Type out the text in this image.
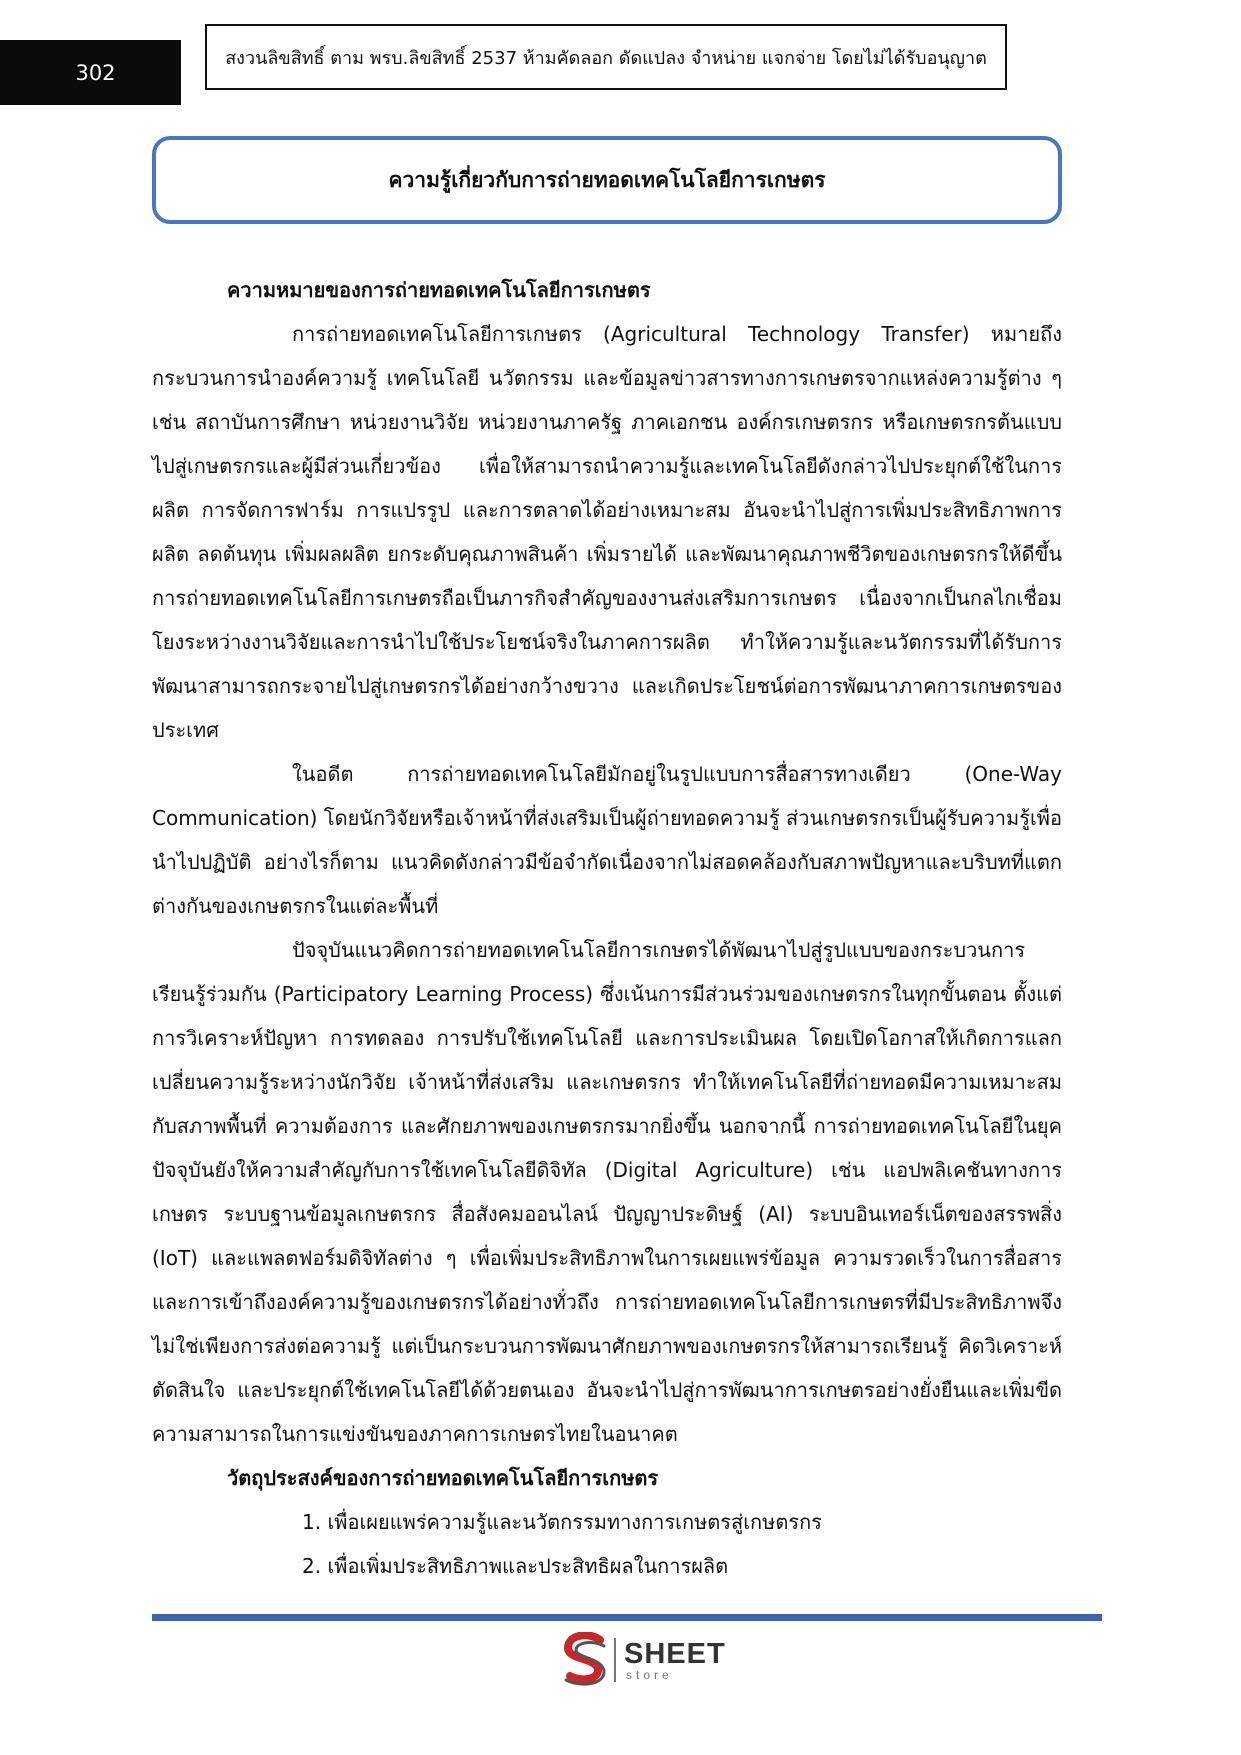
302
สงวนลิขสิทธิ์ ตาม พรบ.ลิขสิทธิ์ 2537 ห้ามคัดลอก ดัดแปลง จำหน่าย แจกจ่าย โดยไม่ได้รับอนุญาต
ความรู้เกี่ยวกับการถ่ายทอดเทคโนโลยีการเกษตร
ความหมายของการถ่ายทอดเทคโนโลยีการเกษตร

การถ่ายทอดเทคโนโลยีการเกษตร (Agricultural Technology Transfer) หมายถึงกระบวนการนำองค์ความรู้ เทคโนโลยี นวัตกรรม และข้อมูลข่าวสารทางการเกษตรจากแหล่งความรู้ต่าง ๆ เช่น สถาบันการศึกษา หน่วยงานวิจัย หน่วยงานภาครัฐ ภาคเอกชน องค์กรเกษตรกร หรือเกษตรกรต้นแบบ ไปสู่เกษตรกรและผู้มีส่วนเกี่ยวข้อง เพื่อให้สามารถนำความรู้และเทคโนโลยีดังกล่าวไปประยุกต์ใช้ในการผลิต การจัดการฟาร์ม การแปรรูป และการตลาดได้อย่างเหมาะสม อันจะนำไปสู่การเพิ่มประสิทธิภาพการผลิต ลดต้นทุน เพิ่มผลผลิต ยกระดับคุณภาพสินค้า เพิ่มรายได้ และพัฒนาคุณภาพชีวิตของเกษตรกรให้ดีขึ้น การถ่ายทอดเทคโนโลยีการเกษตรถือเป็นภารกิจสำคัญของงานส่งเสริมการเกษตร เนื่องจากเป็นกลไกเชื่อมโยงระหว่างงานวิจัยและการนำไปใช้ประโยชน์จริงในภาคการผลิต ทำให้ความรู้และนวัตกรรมที่ได้รับการพัฒนาสามารถกระจายไปสู่เกษตรกรได้อย่างกว้างขวาง และเกิดประโยชน์ต่อการพัฒนาภาคการเกษตรของประเทศ

ในอดีต การถ่ายทอดเทคโนโลยีมักอยู่ในรูปแบบการสื่อสารทางเดียว (One-Way Communication) โดยนักวิจัยหรือเจ้าหน้าที่ส่งเสริมเป็นผู้ถ่ายทอดความรู้ ส่วนเกษตรกรเป็นผู้รับความรู้เพื่อนำไปปฏิบัติ อย่างไรก็ตาม แนวคิดดังกล่าวมีข้อจำกัดเนื่องจากไม่สอดคล้องกับสภาพปัญหาและบริบทที่แตกต่างกันของเกษตรกรในแต่ละพื้นที่

ปัจจุบันแนวคิดการถ่ายทอดเทคโนโลยีการเกษตรได้พัฒนาไปสู่รูปแบบของกระบวนการเรียนรู้ร่วมกัน (Participatory Learning Process) ซึ่งเน้นการมีส่วนร่วมของเกษตรกรในทุกขั้นตอน ตั้งแต่การวิเคราะห์ปัญหา การทดลอง การปรับใช้เทคโนโลยี และการประเมินผล โดยเปิดโอกาสให้เกิดการแลกเปลี่ยนความรู้ระหว่างนักวิจัย เจ้าหน้าที่ส่งเสริม และเกษตรกร ทำให้เทคโนโลยีที่ถ่ายทอดมีความเหมาะสมกับสภาพพื้นที่ ความต้องการ และศักยภาพของเกษตรกรมากยิ่งขึ้น นอกจากนี้ การถ่ายทอดเทคโนโลยีในยุคปัจจุบันยังให้ความสำคัญกับการใช้เทคโนโลยีดิจิทัล (Digital Agriculture) เช่น แอปพลิเคชันทางการเกษตร ระบบฐานข้อมูลเกษตรกร สื่อสังคมออนไลน์ ปัญญาประดิษฐ์ (AI) ระบบอินเทอร์เน็ตของสรรพสิ่ง (IoT) และแพลตฟอร์มดิจิทัลต่าง ๆ เพื่อเพิ่มประสิทธิภาพในการเผยแพร่ข้อมูล ความรวดเร็วในการสื่อสาร และการเข้าถึงองค์ความรู้ของเกษตรกรได้อย่างทั่วถึง การถ่ายทอดเทคโนโลยีการเกษตรที่มีประสิทธิภาพจึงไม่ใช่เพียงการส่งต่อความรู้ แต่เป็นกระบวนการพัฒนาศักยภาพของเกษตรกรให้สามารถเรียนรู้ คิดวิเคราะห์ ตัดสินใจ และประยุกต์ใช้เทคโนโลยีได้ด้วยตนเอง อันจะนำไปสู่การพัฒนาการเกษตรอย่างยั่งยืนและเพิ่มขีดความสามารถในการแข่งขันของภาคการเกษตรไทยในอนาคต

วัตถุประสงค์ของการถ่ายทอดเทคโนโลยีการเกษตร
1. เพื่อเผยแพร่ความรู้และนวัตกรรมทางการเกษตรสู่เกษตรกร
2. เพื่อเพิ่มประสิทธิภาพและประสิทธิผลในการผลิต
SHEET
store
